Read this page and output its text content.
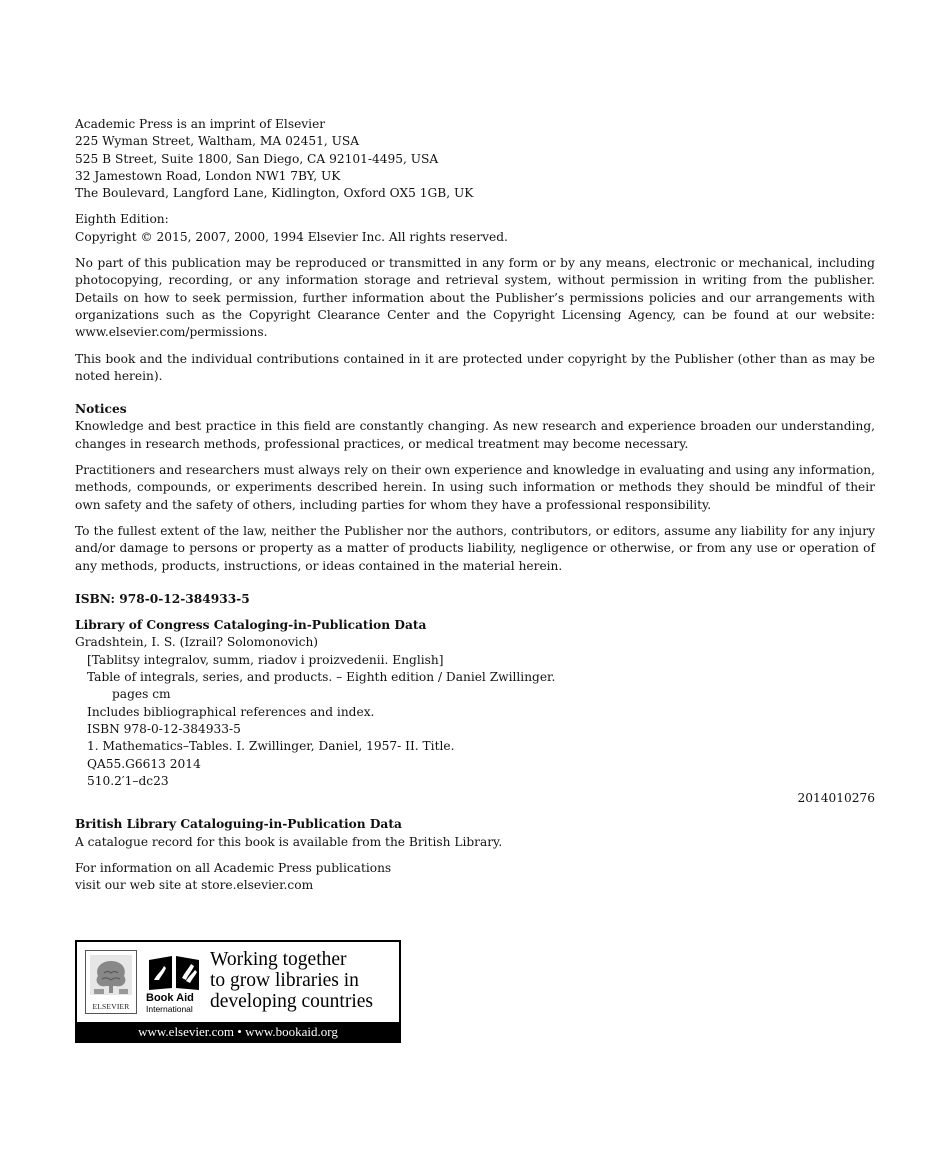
Academic Press is an imprint of Elsevier
225 Wyman Street, Waltham, MA 02451, USA
525 B Street, Suite 1800, San Diego, CA 92101-4495, USA
32 Jamestown Road, London NW1 7BY, UK
The Boulevard, Langford Lane, Kidlington, Oxford OX5 1GB, UK
Eighth Edition:
Copyright © 2015, 2007, 2000, 1994 Elsevier Inc. All rights reserved.

No part of this publication may be reproduced or transmitted in any form or by any means, electronic or mechanical, including photocopying, recording, or any information storage and retrieval system, without permission in writing from the publisher. Details on how to seek permission, further information about the Publisher’s permissions policies and our arrangements with organizations such as the Copyright Clearance Center and the Copyright Licensing Agency, can be found at our website: www.elsevier.com/permissions.

This book and the individual contributions contained in it are protected under copyright by the Publisher (other than as may be noted herein).

Notices

Knowledge and best practice in this field are constantly changing. As new research and experience broaden our understanding, changes in research methods, professional practices, or medical treatment may become necessary.

Practitioners and researchers must always rely on their own experience and knowledge in evaluating and using any information, methods, compounds, or experiments described herein. In using such information or methods they should be mindful of their own safety and the safety of others, including parties for whom they have a professional responsibility.

To the fullest extent of the law, neither the Publisher nor the authors, contributors, or editors, assume any liability for any injury and/or damage to persons or property as a matter of products liability, negligence or otherwise, or from any use or operation of any methods, products, instructions, or ideas contained in the material herein.

ISBN: 978-0-12-384933-5
Library of Congress Cataloging-in-Publication Data
Gradshtein, I. S. (Izrail? Solomonovich)
[Tablitsy integralov, summ, riadov i proizvedenii. English]
Table of integrals, series, and products. – Eighth edition / Daniel Zwillinger.
pages cm
Includes bibliographical references and index.
ISBN 978-0-12-384933-5
1. Mathematics–Tables. I. Zwillinger, Daniel, 1957- II. Title.
QA55.G6613 2014
510.2′1–dc23
2014010276
British Library Cataloguing-in-Publication Data
A catalogue record for this book is available from the British Library.
For information on all Academic Press publications
visit our web site at store.elsevier.com
ELSEVIER
Book Aid
International
Working together
to grow libraries in
developing countries
www.elsevier.com • www.bookaid.org
